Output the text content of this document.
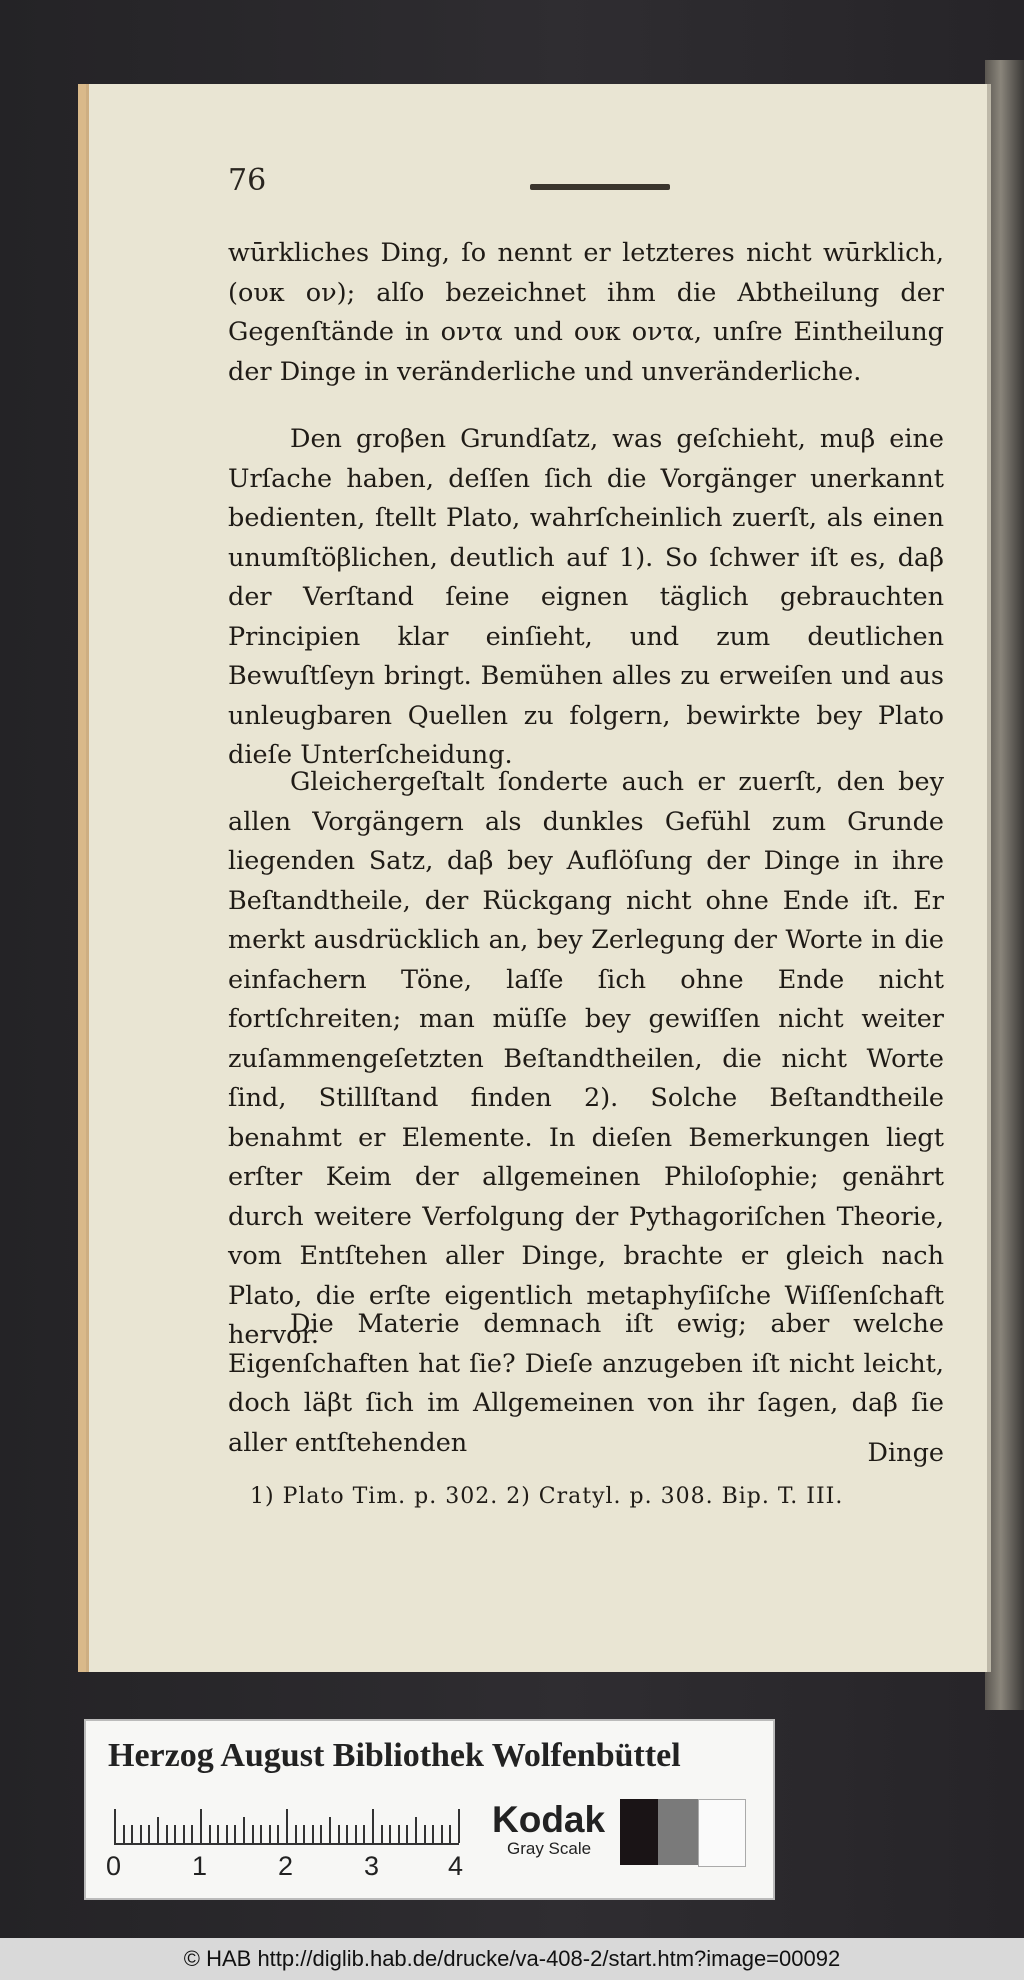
76
wūrkliches Ding, ſo nennt er letzteres nicht wūrklich, (ουκ ον); alſo bezeichnet ihm die Abtheilung der Gegenſtände in οντα und ουκ οντα, unſre Eintheilung der Dinge in veränderliche und unveränderliche.
Den groβen Grundſatz, was geſchieht, muβ eine Urſache haben, deſſen ſich die Vorgänger unerkannt bedienten, ſtellt Plato, wahrſcheinlich zuerſt, als einen unumſtöβlichen, deutlich auf 1). So ſchwer iſt es, daβ der Verſtand ſeine eignen täglich gebrauchten Principien klar einſieht, und zum deutlichen Bewuſtſeyn bringt. Bemühen alles zu erweiſen und aus unleugbaren Quellen zu folgern, bewirkte bey Plato dieſe Unterſcheidung.
Gleichergeſtalt ſonderte auch er zuerſt, den bey allen Vorgängern als dunkles Gefühl zum Grunde liegenden Satz, daβ bey Auflöſung der Dinge in ihre Beſtandtheile, der Rückgang nicht ohne Ende iſt. Er merkt ausdrücklich an, bey Zerlegung der Worte in die einfachern Töne, laſſe ſich ohne Ende nicht fortſchreiten; man müſſe bey gewiſſen nicht weiter zuſammengeſetzten Beſtandtheilen, die nicht Worte ſind, Stillſtand finden 2). Solche Beſtandtheile benahmt er Elemente. In dieſen Bemerkungen liegt erſter Keim der allgemeinen Philoſophie; genährt durch weitere Verfolgung der Pythagoriſchen Theorie, vom Entſtehen aller Dinge, brachte er gleich nach Plato, die erſte eigentlich metaphyſiſche Wiſſenſchaft hervor.
Die Materie demnach iſt ewig; aber welche Eigenſchaften hat ſie? Dieſe anzugeben iſt nicht leicht, doch läβt ſich im Allgemeinen von ihr ſagen, daβ ſie aller entſtehenden	Dinge
1) Plato Tim. p. 302. 2) Cratyl. p. 308. Bip. T. III.
Herzog August Bibliothek Wolfenbüttel
0	1	2	3	4
Kodak
Gray Scale
© HAB http://diglib.hab.de/drucke/va-408-2/start.htm?image=00092
